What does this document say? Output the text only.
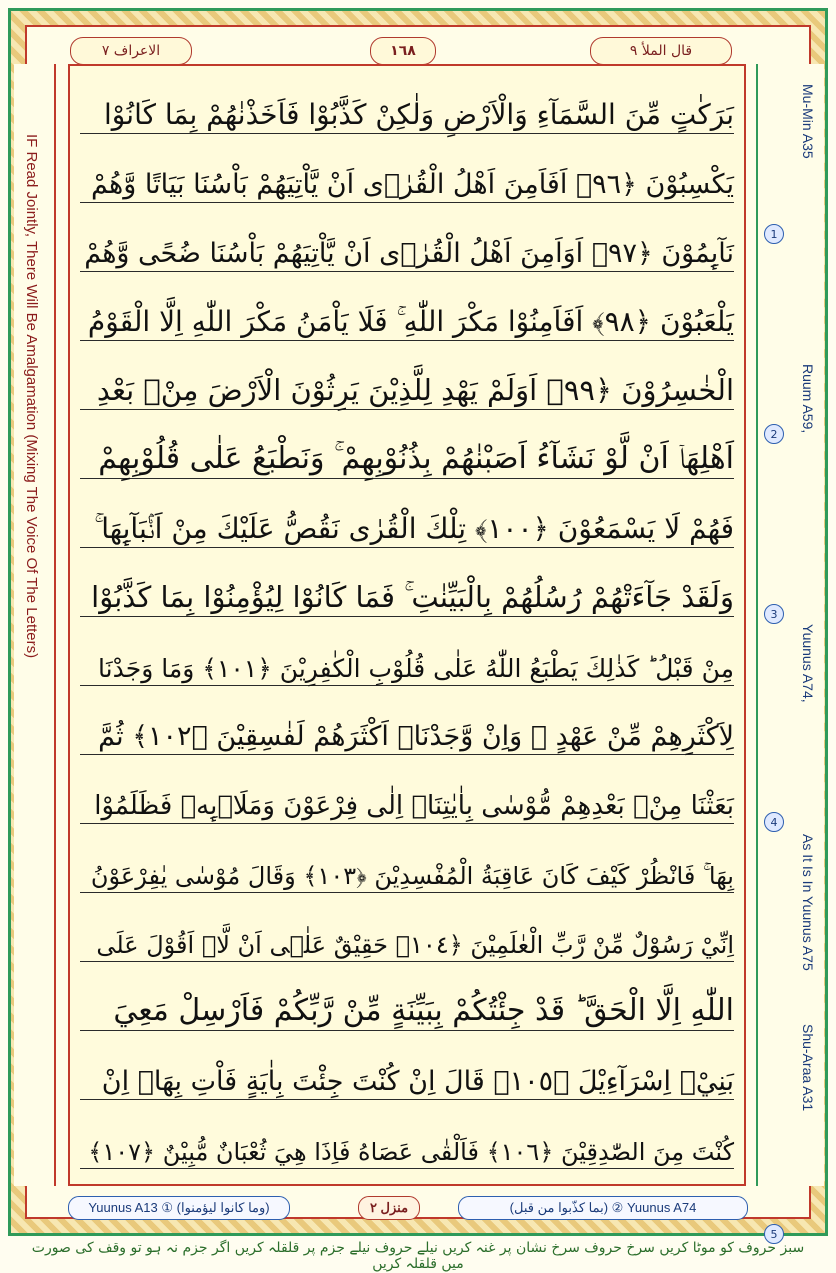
الاعراف ٧	١٦٨	قال الملأ ٩
IF Read Jointly, There Will Be Amalgamation (Mixing The Voice Of The Letters)	1
Mu-Min A35
Ruum A59,
2
3
Yuunus A74,
4
As It Is In Yuunus A75
5
Shu-Araa A31
بَرَكٰتٍ مِّنَ السَّمَآءِ وَالْاَرْضِ وَلٰكِنْ كَذَّبُوْا فَاَخَذْنٰهُمْ بِمَا كَانُوْا
يَكْسِبُوْنَ ﴿٩٦﴾ اَفَاَمِنَ اَهْلُ الْقُرٰۤى اَنْ يَّاْتِيَهُمْ بَاْسُنَا بَيَاتًا وَّهُمْ
نَآىِٕمُوْنَ ﴿٩٧﴾ اَوَاَمِنَ اَهْلُ الْقُرٰۤى اَنْ يَّاْتِيَهُمْ بَاْسُنَا ضُحًى وَّهُمْ
يَلْعَبُوْنَ ﴿٩٨﴾ اَفَاَمِنُوْا مَكْرَ اللّٰهِ ۚ فَلَا يَاْمَنُ مَكْرَ اللّٰهِ اِلَّا الْقَوْمُ
الْخٰسِرُوْنَ ﴿٩٩﴾ اَوَلَمْ يَهْدِ لِلَّذِيْنَ يَرِثُوْنَ الْاَرْضَ مِنْۢ بَعْدِ
اَهْلِهَاۤ اَنْ لَّوْ نَشَآءُ اَصَبْنٰهُمْ بِذُنُوْبِهِمْ ۚ وَنَطْبَعُ عَلٰى قُلُوْبِهِمْ
فَهُمْ لَا يَسْمَعُوْنَ ﴿١٠٠﴾ تِلْكَ الْقُرٰى نَقُصُّ عَلَيْكَ مِنْ اَنْۢبَآىِٕهَا ۚ
وَلَقَدْ جَآءَتْهُمْ رُسُلُهُمْ بِالْبَيِّنٰتِ ۚ فَمَا كَانُوْا لِيُؤْمِنُوْا بِمَا كَذَّبُوْا
مِنْ قَبْلُ ؕ كَذٰلِكَ يَطْبَعُ اللّٰهُ عَلٰى قُلُوْبِ الْكٰفِرِيْنَ ﴿١٠١﴾ وَمَا وَجَدْنَا
لِاَكْثَرِهِمْ مِّنْ عَهْدٍ ۚ وَاِنْ وَّجَدْنَاۤ اَكْثَرَهُمْ لَفٰسِقِيْنَ ﴿١٠٢﴾ ثُمَّ
بَعَثْنَا مِنْۢ بَعْدِهِمْ مُّوْسٰى بِاٰيٰتِنَاۤ اِلٰى فِرْعَوْنَ وَمَلَا۟ىِٕهٖ فَظَلَمُوْا
بِهَا ۚ فَانْظُرْ كَيْفَ كَانَ عَاقِبَةُ الْمُفْسِدِيْنَ ﴿١٠٣﴾ وَقَالَ مُوْسٰى يٰفِرْعَوْنُ
اِنِّيْ رَسُوْلٌ مِّنْ رَّبِّ الْعٰلَمِيْنَ ﴿١٠٤﴾ حَقِيْقٌ عَلٰۤى اَنْ لَّاۤ اَقُوْلَ عَلَى
اللّٰهِ اِلَّا الْحَقَّ ؕ قَدْ جِئْتُكُمْ بِبَيِّنَةٍ مِّنْ رَّبِّكُمْ فَاَرْسِلْ مَعِيَ
بَنِيْۤ اِسْرَآءِيْلَ ﴿١٠٥﴾ قَالَ اِنْ كُنْتَ جِئْتَ بِاٰيَةٍ فَاْتِ بِهَاۤ اِنْ
كُنْتَ مِنَ الصّٰدِقِيْنَ ﴿١٠٦﴾ فَاَلْقٰى عَصَاهُ فَاِذَا هِيَ ثُعْبَانٌ مُّبِيْنٌ ﴿١٠٧﴾
Yuunus A13 ① (وما كانوا ليؤمنوا)	منزل ٢	(بما كذّبوا من قبل) ② Yuunus A74
سبز حروف کو موٹا کریں سرخ حروف سرخ نشان پر غنہ کریں نیلے حروف نیلے جزم پر قلقلہ کریں اگر جزم نہ ہو تو وقف کی صورت میں قلقلہ کریں
